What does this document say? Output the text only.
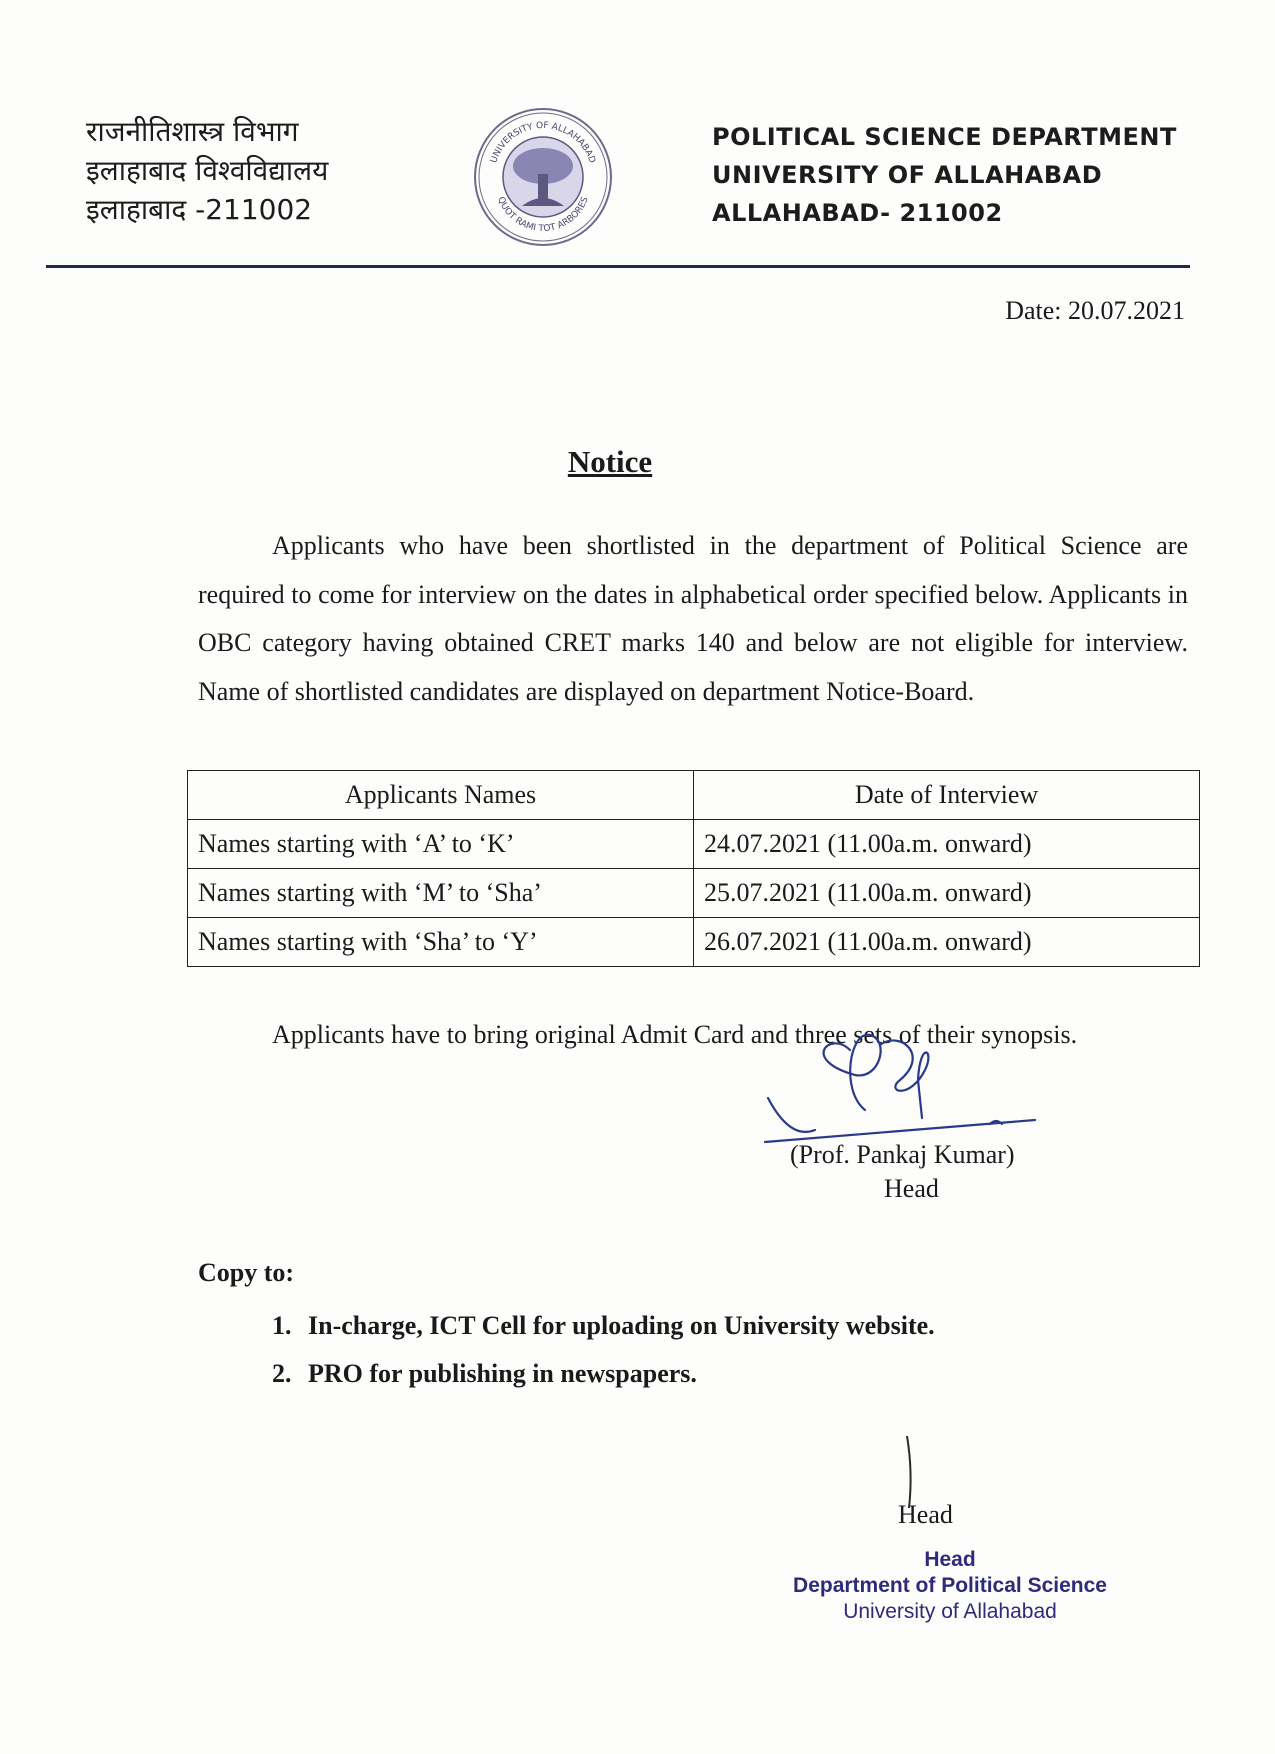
राजनीतिशास्त्र विभाग
इलाहाबाद विश्वविद्यालय
इलाहाबाद -211002
UNIVERSITY OF ALLAHABAD
QUOT RAMI TOT ARBORES
POLITICAL SCIENCE DEPARTMENT
UNIVERSITY OF ALLAHABAD
ALLAHABAD- 211002
Date: 20.07.2021
Notice
Applicants who have been shortlisted in the department of Political Science are required to come for interview on the dates in alphabetical order specified below. Applicants in OBC category having obtained CRET marks 140 and below are not eligible for interview. Name of shortlisted candidates are displayed on department Notice-Board.
Applicants Names	Date of Interview
Names starting with ‘A’ to ‘K’	24.07.2021 (11.00a.m. onward)
Names starting with ‘M’ to ‘Sha’	25.07.2021 (11.00a.m. onward)
Names starting with ‘Sha’ to ‘Y’	26.07.2021 (11.00a.m. onward)
Applicants have to bring original Admit Card and three sets of their synopsis.
(Prof. Pankaj Kumar)
Head
Copy to:
1. In-charge, ICT Cell for uploading on University website.
2. PRO for publishing in newspapers.
Head
Head
Department of Political Science
University of Allahabad
